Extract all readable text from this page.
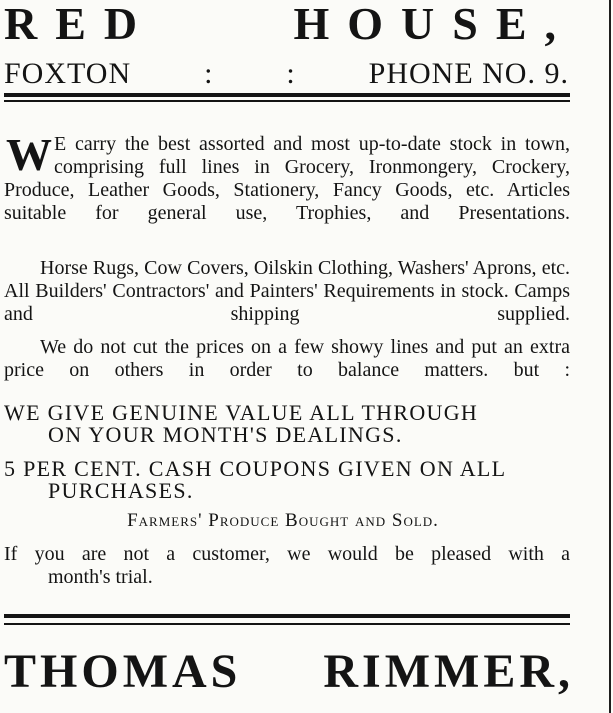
RED	HOUSE,
FOXTON : : PHONE NO. 9.
W E carry the best assorted and most up-to-date stock in town, comprising full lines in Grocery, Ironmongery, Crockery, Produce, Leather Goods, Stationery, Fancy Goods, etc. Articles suitable for general use, Trophies, and Presentations.
Horse Rugs, Cow Covers, Oilskin Clothing, Washers' Aprons, etc. All Builders' Contractors' and Painters' Requirements in stock. Camps and shipping supplied.
We do not cut the prices on a few showy lines and put an extra price on others in order to balance matters. but :
WE GIVE GENUINE VALUE ALL THROUGH
ON YOUR MONTH'S DEALINGS.
5 PER CENT. CASH COUPONS GIVEN ON ALL
PURCHASES.
Farmers' Produce Bought and Sold.
If you are not a customer, we would be pleased with a
month's trial.
THOMAS RIMMER,
